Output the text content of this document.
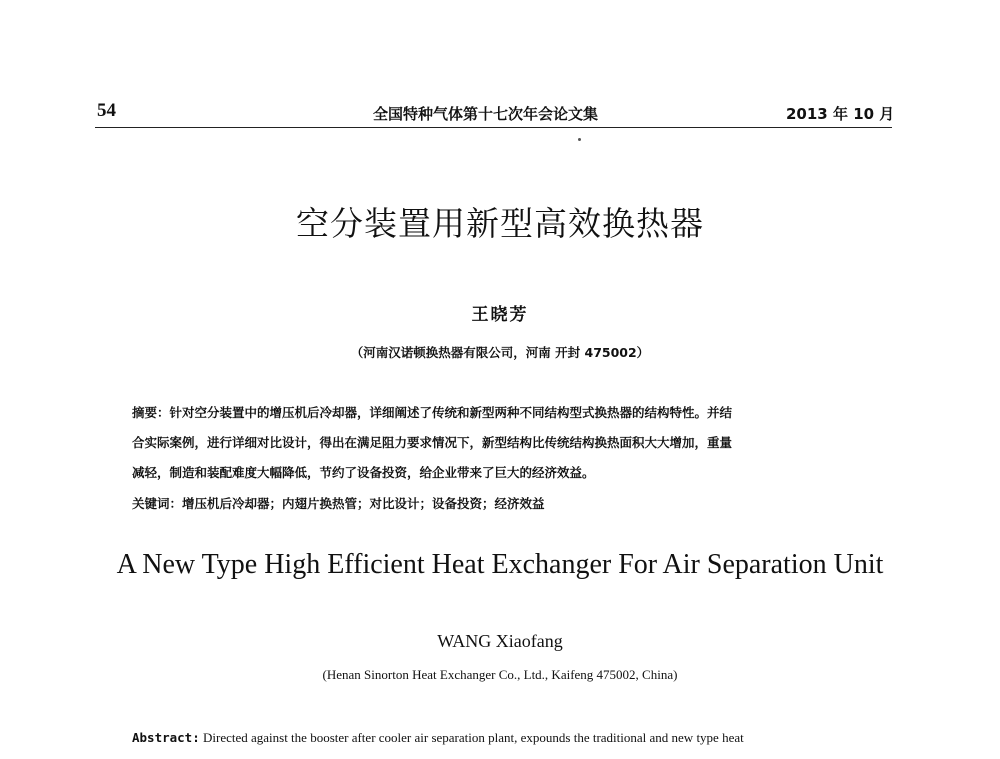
54	全国特种气体第十七次年会论文集	2013 年 10 月
空分装置用新型高效换热器
王晓芳
（河南汉诺顿换热器有限公司，河南 开封 475002）
摘要：针对空分装置中的增压机后冷却器，详细阐述了传统和新型两种不同结构型式换热器的结构特性。并结
合实际案例，进行详细对比设计，得出在满足阻力要求情况下，新型结构比传统结构换热面积大大增加，重量
减轻，制造和装配难度大幅降低，节约了设备投资，给企业带来了巨大的经济效益。
关键词：增压机后冷却器；内翅片换热管；对比设计；设备投资；经济效益
A New Type High Efficient Heat Exchanger For Air Separation Unit
WANG Xiaofang
(Henan Sinorton Heat Exchanger Co., Ltd., Kaifeng 475002, China)
Abstract: Directed against the booster after cooler air separation plant, expounds the traditional and new type heat
